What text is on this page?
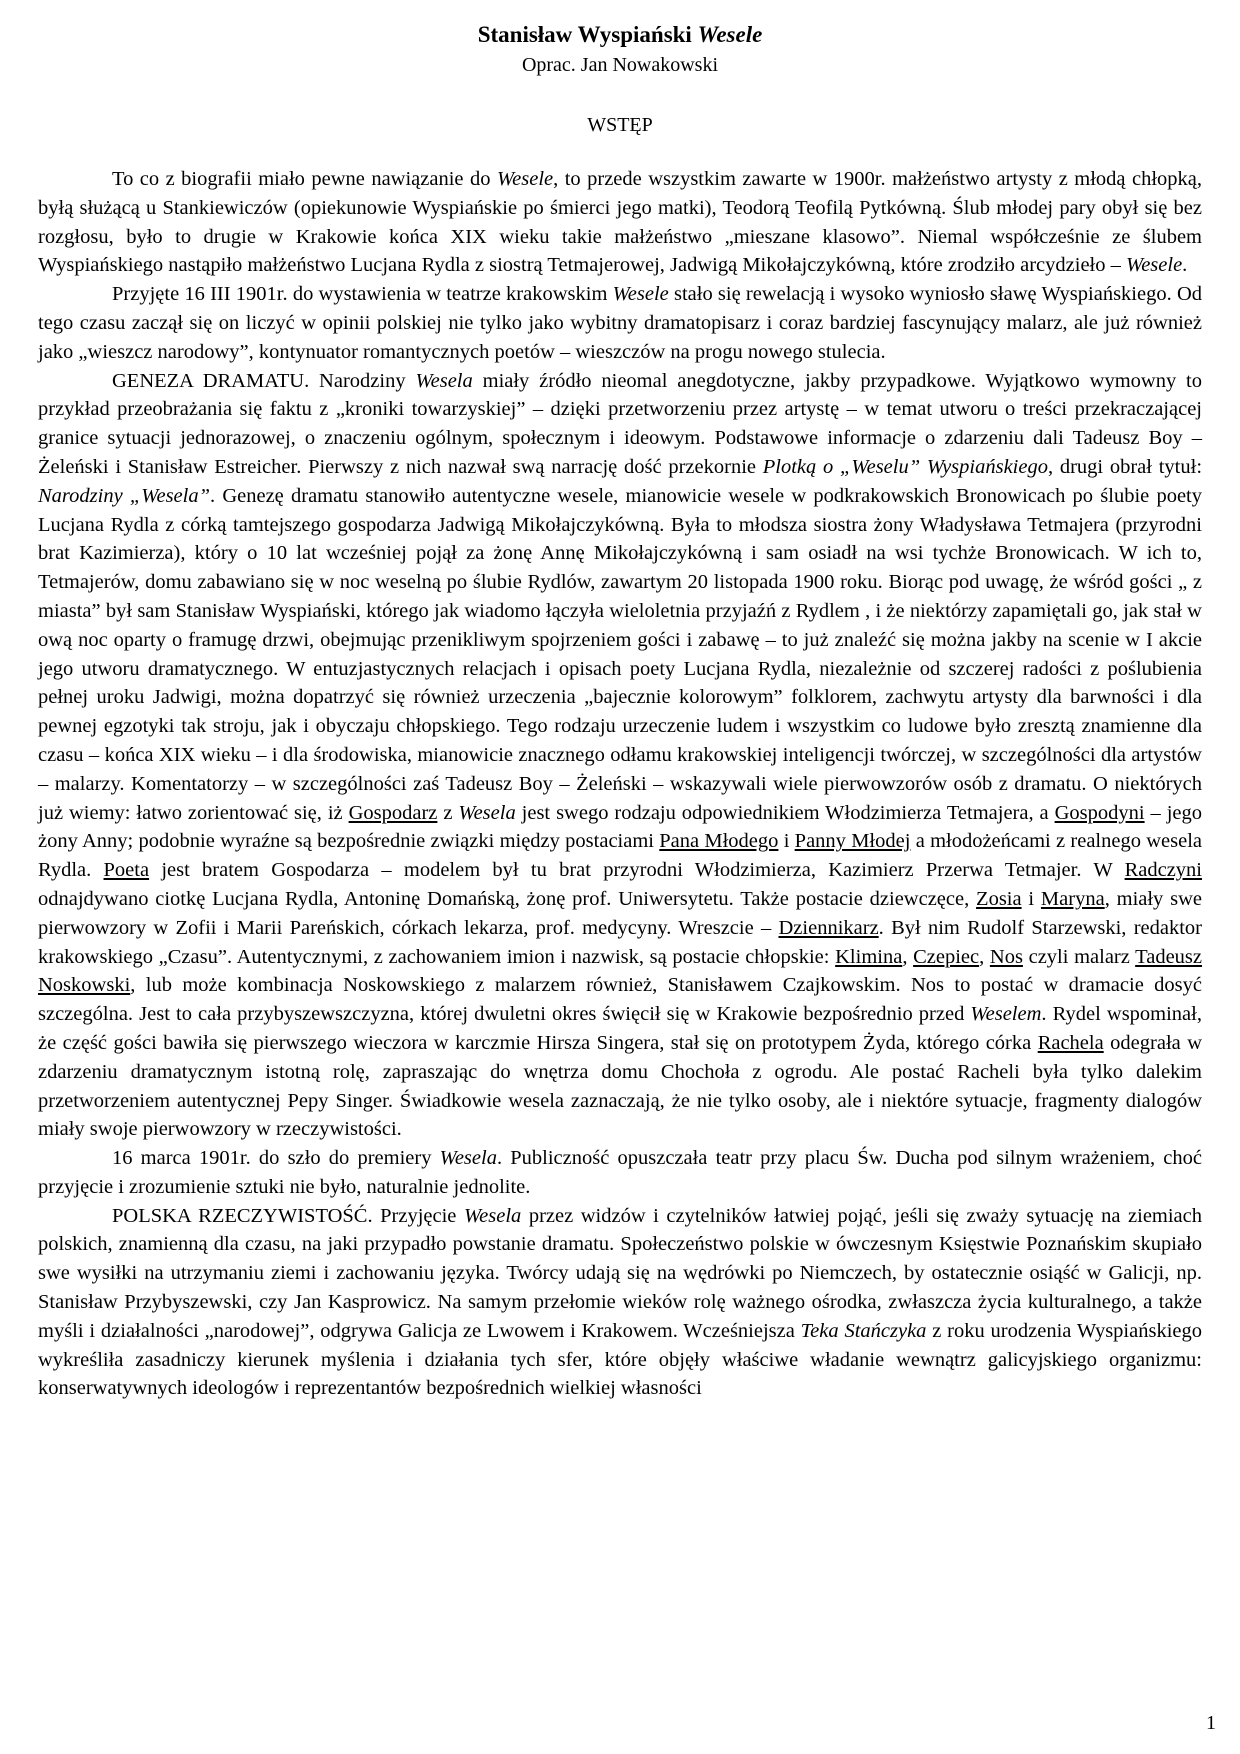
Stanisław Wyspiański Wesele
Oprac. Jan Nowakowski
WSTĘP

To co z biografii miało pewne nawiązanie do Wesele, to przede wszystkim zawarte w 1900r. małżeństwo artysty z młodą chłopką, byłą służącą u Stankiewiczów (opiekunowie Wyspiańskie po śmierci jego matki), Teodorą Teofilą Pytkówną. Ślub młodej pary obył się bez rozgłosu, było to drugie w Krakowie końca XIX wieku takie małżeństwo „mieszane klasowo”. Niemal współcześnie ze ślubem Wyspiańskiego nastąpiło małżeństwo Lucjana Rydla z siostrą Tetmajerowej, Jadwigą Mikołajczykówną, które zrodziło arcydzieło – Wesele.

Przyjęte 16 III 1901r. do wystawienia w teatrze krakowskim Wesele stało się rewelacją i wysoko wyniosło sławę Wyspiańskiego. Od tego czasu zaczął się on liczyć w opinii polskiej nie tylko jako wybitny dramatopisarz i coraz bardziej fascynujący malarz, ale już również jako „wieszcz narodowy”, kontynuator romantycznych poetów – wieszczów na progu nowego stulecia.

GENEZA DRAMATU. Narodziny Wesela miały źródło nieomal anegdotyczne, jakby przypadkowe. Wyjątkowo wymowny to przykład przeobrażania się faktu z „kroniki towarzyskiej” – dzięki przetworzeniu przez artystę – w temat utworu o treści przekraczającej granice sytuacji jednorazowej, o znaczeniu ogólnym, społecznym i ideowym. Podstawowe informacje o zdarzeniu dali Tadeusz Boy – Żeleński i Stanisław Estreicher. Pierwszy z nich nazwał swą narrację dość przekornie Plotką o „Weselu” Wyspiańskiego, drugi obrał tytuł: Narodziny „Wesela”. Genezę dramatu stanowiło autentyczne wesele, mianowicie wesele w podkrakowskich Bronowicach po ślubie poety Lucjana Rydla z córką tamtejszego gospodarza Jadwigą Mikołajczykówną. Była to młodsza siostra żony Władysława Tetmajera (przyrodni brat Kazimierza), który o 10 lat wcześniej pojął za żonę Annę Mikołajczykówną i sam osiadł na wsi tychże Bronowicach. W ich to, Tetmajerów, domu zabawiano się w noc weselną po ślubie Rydlów, zawartym 20 listopada 1900 roku. Biorąc pod uwagę, że wśród gości „ z miasta” był sam Stanisław Wyspiański, którego jak wiadomo łączyła wieloletnia przyjaźń z Rydlem , i że niektórzy zapamiętali go, jak stał w ową noc oparty o framugę drzwi, obejmując przenikliwym spojrzeniem gości i zabawę – to już znaleźć się można jakby na scenie w I akcie jego utworu dramatycznego. W entuzjastycznych relacjach i opisach poety Lucjana Rydla, niezależnie od szczerej radości z poślubienia pełnej uroku Jadwigi, można dopatrzyć się również urzeczenia „bajecznie kolorowym” folklorem, zachwytu artysty dla barwności i dla pewnej egzotyki tak stroju, jak i obyczaju chłopskiego. Tego rodzaju urzeczenie ludem i wszystkim co ludowe było zresztą znamienne dla czasu – końca XIX wieku – i dla środowiska, mianowicie znacznego odłamu krakowskiej inteligencji twórczej, w szczególności dla artystów – malarzy. Komentatorzy – w szczególności zaś Tadeusz Boy – Żeleński – wskazywali wiele pierwowzorów osób z dramatu. O niektórych już wiemy: łatwo zorientować się, iż Gospodarz z Wesela jest swego rodzaju odpowiednikiem Włodzimierza Tetmajera, a Gospodyni – jego żony Anny; podobnie wyraźne są bezpośrednie związki między postaciami Pana Młodego i Panny Młodej a młodożeńcami z realnego wesela Rydla. Poeta jest bratem Gospodarza – modelem był tu brat przyrodni Włodzimierza, Kazimierz Przerwa Tetmajer. W Radczyni odnajdywano ciotkę Lucjana Rydla, Antoninę Domańską, żonę prof. Uniwersytetu. Także postacie dziewczęce, Zosia i Maryna, miały swe pierwowzory w Zofii i Marii Pareńskich, córkach lekarza, prof. medycyny. Wreszcie – Dziennikarz. Był nim Rudolf Starzewski, redaktor krakowskiego „Czasu”. Autentycznymi, z zachowaniem imion i nazwisk, są postacie chłopskie: Klimina, Czepiec, Nos czyli malarz Tadeusz Noskowski, lub może kombinacja Noskowskiego z malarzem również, Stanisławem Czajkowskim. Nos to postać w dramacie dosyć szczególna. Jest to cała przybyszewszczyzna, której dwuletni okres święcił się w Krakowie bezpośrednio przed Weselem. Rydel wspominał, że część gości bawiła się pierwszego wieczora w karczmie Hirsza Singera, stał się on prototypem Żyda, którego córka Rachela odegrała w zdarzeniu dramatycznym istotną rolę, zapraszając do wnętrza domu Chochoła z ogrodu. Ale postać Racheli była tylko dalekim przetworzeniem autentycznej Pepy Singer. Świadkowie wesela zaznaczają, że nie tylko osoby, ale i niektóre sytuacje, fragmenty dialogów miały swoje pierwowzory w rzeczywistości.

16 marca 1901r. do szło do premiery Wesela. Publiczność opuszczała teatr przy placu Św. Ducha pod silnym wrażeniem, choć przyjęcie i zrozumienie sztuki nie było, naturalnie jednolite.

POLSKA RZECZYWISTOŚĆ. Przyjęcie Wesela przez widzów i czytelników łatwiej pojąć, jeśli się zważy sytuację na ziemiach polskich, znamienną dla czasu, na jaki przypadło powstanie dramatu. Społeczeństwo polskie w ówczesnym Księstwie Poznańskim skupiało swe wysiłki na utrzymaniu ziemi i zachowaniu języka. Twórcy udają się na wędrówki po Niemczech, by ostatecznie osiąść w Galicji, np. Stanisław Przybyszewski, czy Jan Kasprowicz. Na samym przełomie wieków rolę ważnego ośrodka, zwłaszcza życia kulturalnego, a także myśli i działalności „narodowej”, odgrywa Galicja ze Lwowem i Krakowem. Wcześniejsza Teka Stańczyka z roku urodzenia Wyspiańskiego wykreśliła zasadniczy kierunek myślenia i działania tych sfer, które objęły właściwe władanie wewnątrz galicyjskiego organizmu: konserwatywnych ideologów i reprezentantów bezpośrednich wielkiej własności

1
